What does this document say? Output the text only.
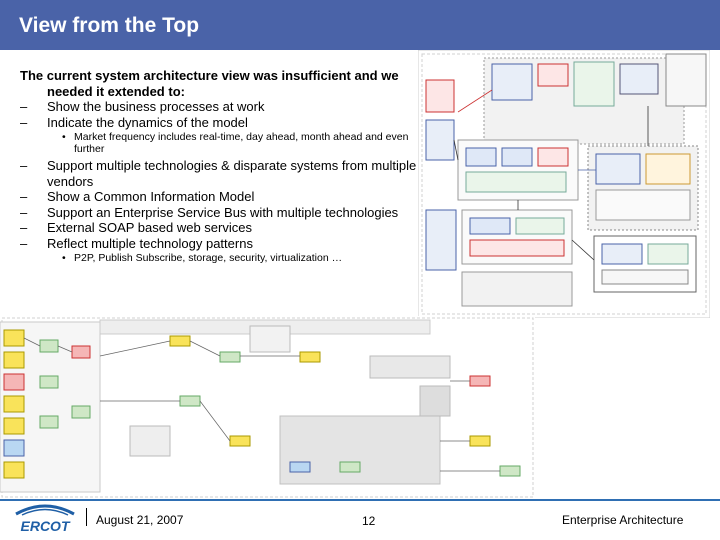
View from the Top
The current system architecture view was insufficient and we needed it extended to:
– Show the business processes at work
– Indicate the dynamics of the model
• Market frequency includes real-time, day ahead, month ahead and even further
– Support multiple technologies & disparate systems from multiple vendors
– Show a Common Information Model
– Support an Enterprise Service Bus with multiple technologies
– External SOAP based web services
– Reflect multiple technology patterns
• P2P, Publish Subscribe, storage, security, virtualization …
ERCOT August 21, 2007	12	Enterprise Architecture
